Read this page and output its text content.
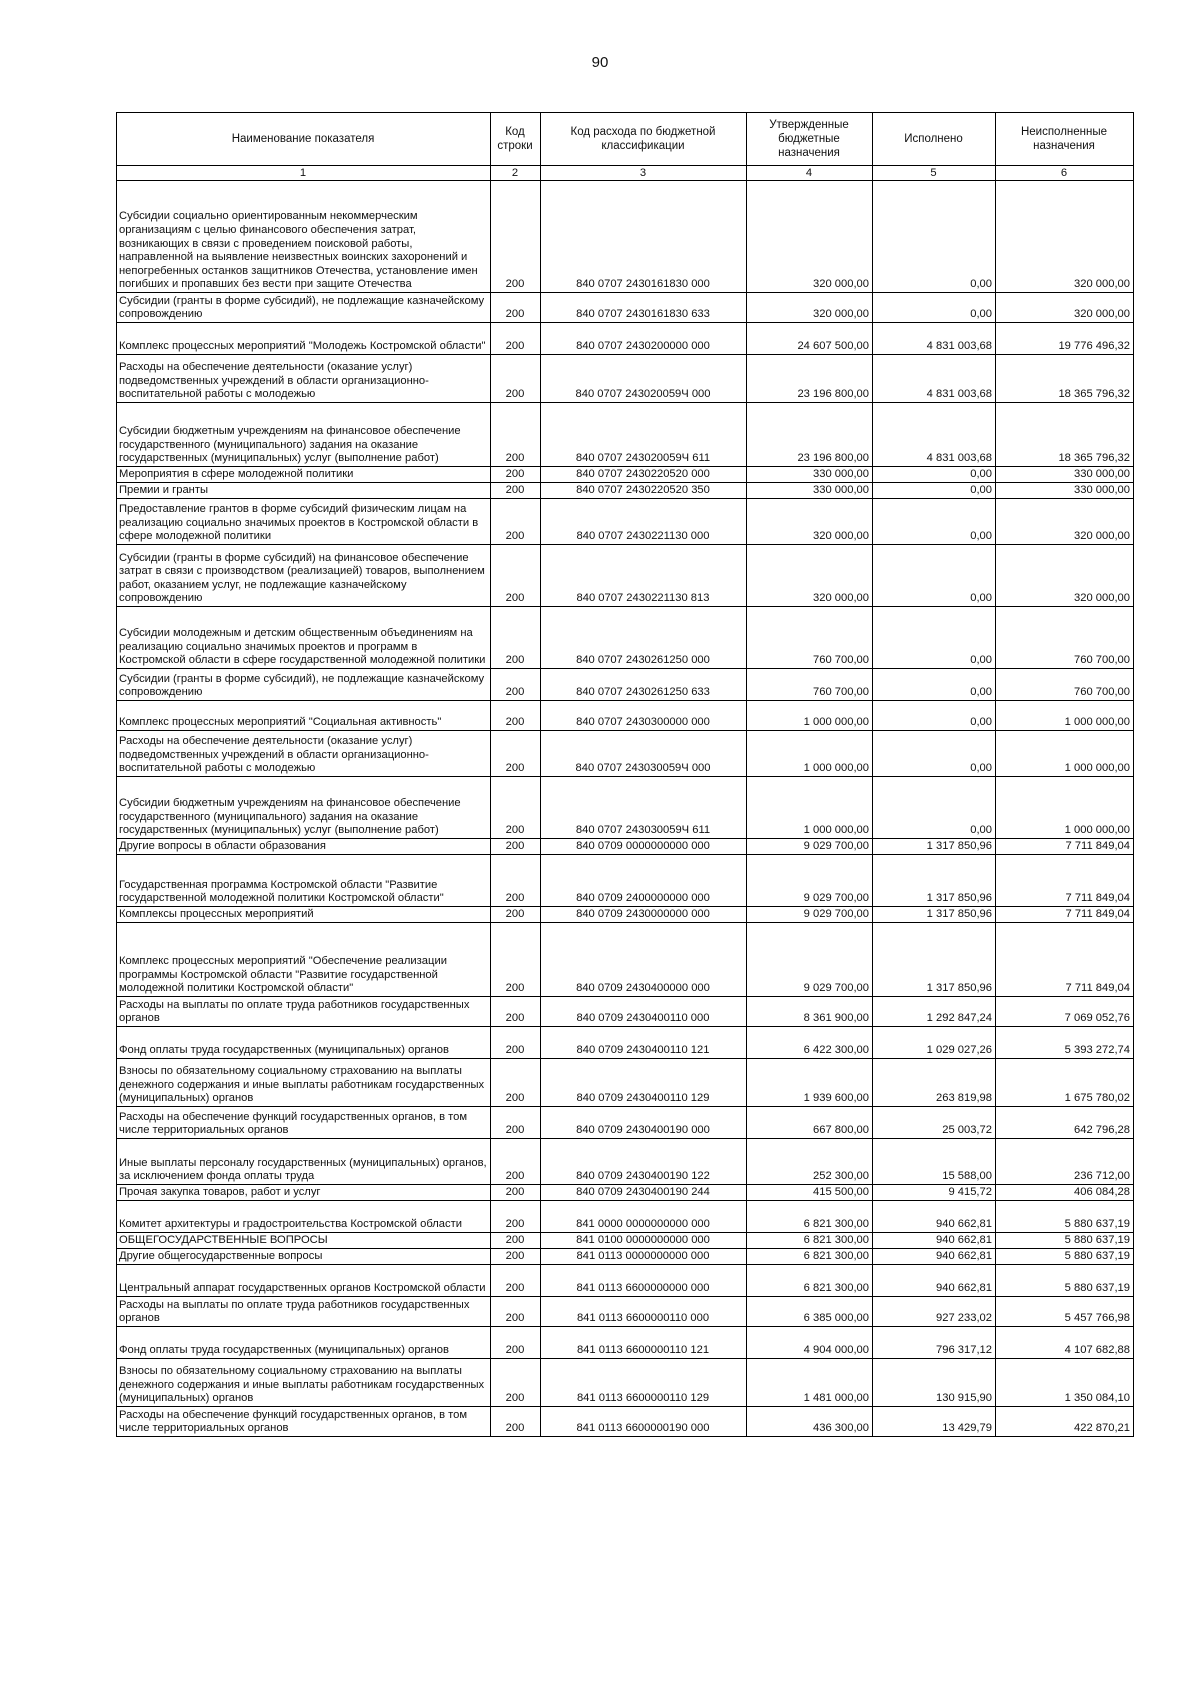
90
Наименование показателя	Код строки	Код расхода по бюджетной классификации	Утвержденные бюджетные назначения	Исполнено	Неисполненные назначения
1	2	3	4	5	6
Субсидии социально ориентированным некоммерческим организациям с целью финансового обеспечения затрат, возникающих в связи с проведением поисковой работы, направленной на выявление неизвестных воинских захоронений и непогребенных останков защитников Отечества, установление имен погибших и пропавших без вести при защите Отечества	200	840 0707 2430161830 000	320 000,00	0,00	320 000,00
Субсидии (гранты в форме субсидий), не подлежащие казначейскому сопровождению	200	840 0707 2430161830 633	320 000,00	0,00	320 000,00
Комплекс процессных мероприятий "Молодежь Костромской области"	200	840 0707 2430200000 000	24 607 500,00	4 831 003,68	19 776 496,32
Расходы на обеспечение деятельности (оказание услуг) подведомственных учреждений в области организационно-воспитательной работы с молодежью	200	840 0707 243020059Ч 000	23 196 800,00	4 831 003,68	18 365 796,32
Субсидии бюджетным учреждениям на финансовое обеспечение государственного (муниципального) задания на оказание государственных (муниципальных) услуг (выполнение работ)	200	840 0707 243020059Ч 611	23 196 800,00	4 831 003,68	18 365 796,32
Мероприятия в сфере молодежной политики	200	840 0707 2430220520 000	330 000,00	0,00	330 000,00
Премии и гранты	200	840 0707 2430220520 350	330 000,00	0,00	330 000,00
Предоставление грантов в форме субсидий физическим лицам на реализацию социально значимых проектов в Костромской области в сфере молодежной политики	200	840 0707 2430221130 000	320 000,00	0,00	320 000,00
Субсидии (гранты в форме субсидий) на финансовое обеспечение затрат в связи с производством (реализацией) товаров, выполнением работ, оказанием услуг, не подлежащие казначейскому сопровождению	200	840 0707 2430221130 813	320 000,00	0,00	320 000,00
Субсидии молодежным и детским общественным объединениям на реализацию социально значимых проектов и программ в Костромской области в сфере государственной молодежной политики	200	840 0707 2430261250 000	760 700,00	0,00	760 700,00
Субсидии (гранты в форме субсидий), не подлежащие казначейскому сопровождению	200	840 0707 2430261250 633	760 700,00	0,00	760 700,00
Комплекс процессных мероприятий "Социальная активность"	200	840 0707 2430300000 000	1 000 000,00	0,00	1 000 000,00
Расходы на обеспечение деятельности (оказание услуг) подведомственных учреждений в области организационно-воспитательной работы с молодежью	200	840 0707 243030059Ч 000	1 000 000,00	0,00	1 000 000,00
Субсидии бюджетным учреждениям на финансовое обеспечение государственного (муниципального) задания на оказание государственных (муниципальных) услуг (выполнение работ)	200	840 0707 243030059Ч 611	1 000 000,00	0,00	1 000 000,00
Другие вопросы в области образования	200	840 0709 0000000000 000	9 029 700,00	1 317 850,96	7 711 849,04
Государственная программа Костромской области "Развитие государственной молодежной политики Костромской области"	200	840 0709 2400000000 000	9 029 700,00	1 317 850,96	7 711 849,04
Комплексы процессных мероприятий	200	840 0709 2430000000 000	9 029 700,00	1 317 850,96	7 711 849,04
Комплекс процессных мероприятий "Обеспечение реализации программы Костромской области "Развитие государственной молодежной политики Костромской области"	200	840 0709 2430400000 000	9 029 700,00	1 317 850,96	7 711 849,04
Расходы на выплаты по оплате труда работников государственных органов	200	840 0709 2430400110 000	8 361 900,00	1 292 847,24	7 069 052,76
Фонд оплаты труда государственных (муниципальных) органов	200	840 0709 2430400110 121	6 422 300,00	1 029 027,26	5 393 272,74
Взносы по обязательному социальному страхованию на выплаты денежного содержания и иные выплаты работникам государственных (муниципальных) органов	200	840 0709 2430400110 129	1 939 600,00	263 819,98	1 675 780,02
Расходы на обеспечение функций государственных органов, в том числе территориальных органов	200	840 0709 2430400190 000	667 800,00	25 003,72	642 796,28
Иные выплаты персоналу государственных (муниципальных) органов, за исключением фонда оплаты труда	200	840 0709 2430400190 122	252 300,00	15 588,00	236 712,00
Прочая закупка товаров, работ и услуг	200	840 0709 2430400190 244	415 500,00	9 415,72	406 084,28
Комитет архитектуры и градостроительства Костромской области	200	841 0000 0000000000 000	6 821 300,00	940 662,81	5 880 637,19
ОБЩЕГОСУДАРСТВЕННЫЕ ВОПРОСЫ	200	841 0100 0000000000 000	6 821 300,00	940 662,81	5 880 637,19
Другие общегосударственные вопросы	200	841 0113 0000000000 000	6 821 300,00	940 662,81	5 880 637,19
Центральный аппарат государственных органов Костромской области	200	841 0113 6600000000 000	6 821 300,00	940 662,81	5 880 637,19
Расходы на выплаты по оплате труда работников государственных органов	200	841 0113 6600000110 000	6 385 000,00	927 233,02	5 457 766,98
Фонд оплаты труда государственных (муниципальных) органов	200	841 0113 6600000110 121	4 904 000,00	796 317,12	4 107 682,88
Взносы по обязательному социальному страхованию на выплаты денежного содержания и иные выплаты работникам государственных (муниципальных) органов	200	841 0113 6600000110 129	1 481 000,00	130 915,90	1 350 084,10
Расходы на обеспечение функций государственных органов, в том числе территориальных органов	200	841 0113 6600000190 000	436 300,00	13 429,79	422 870,21
